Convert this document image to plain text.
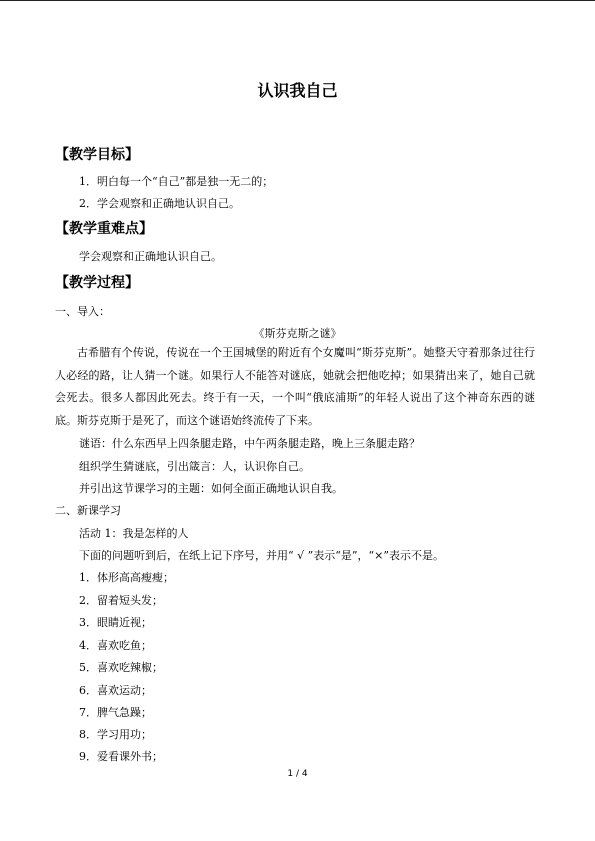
认识我自己
【教学目标】
1．明白每一个“自己”都是独一无二的；
2．学会观察和正确地认识自己。
【教学重难点】
学会观察和正确地认识自己。
【教学过程】
一、导入：
《斯芬克斯之谜》
古希腊有个传说，传说在一个王国城堡的附近有个女魔叫“斯芬克斯”。她整天守着那条过往行人必经的路，让人猜一个谜。如果行人不能答对谜底，她就会把他吃掉；如果猜出来了，她自己就会死去。很多人都因此死去。终于有一天，一个叫“俄底浦斯”的年轻人说出了这个神奇东西的谜底。斯芬克斯于是死了，而这个谜语始终流传了下来。
谜语：什么东西早上四条腿走路，中午两条腿走路，晚上三条腿走路？
组织学生猜谜底，引出箴言：人，认识你自己。
并引出这节课学习的主题：如何全面正确地认识自我。
二、新课学习
活动 1：我是怎样的人
下面的问题听到后，在纸上记下序号，并用“ √ ”表示“是”，“×”表示不是。
1．体形高高瘦瘦；
2．留着短头发；
3．眼睛近视；
4．喜欢吃鱼；
5．喜欢吃辣椒；
6．喜欢运动；
7．脾气急躁；
8．学习用功；
9．爱看课外书；
1 / 4
